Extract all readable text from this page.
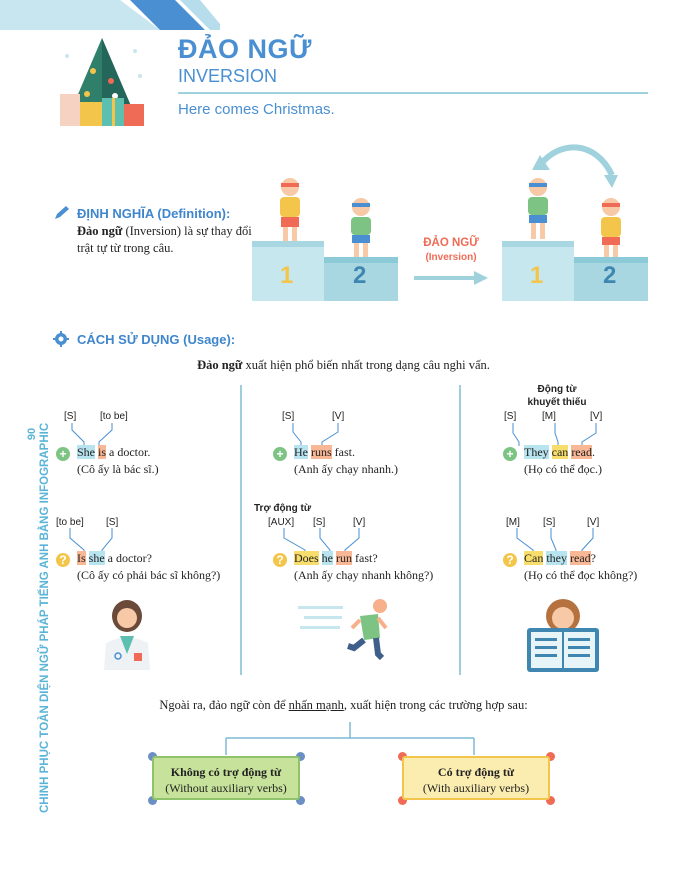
ĐẢO NGỮ
INVERSION
Here comes Christmas.
ĐỊNH NGHĨA (Definition):
Đảo ngữ (Inversion) là sự thay đổi trật tự từ trong câu.
1 2
ĐẢO NGỮ
(Inversion)
1 2
CÁCH SỬ DỤNG (Usage):
Đảo ngữ xuất hiện phổ biến nhất trong dạng câu nghi vấn.
[S] [to be]
+ She is a doctor.
(Cô ấy là bác sĩ.)
[to be] [S]
? Is she a doctor?
(Cô ấy có phải bác sĩ không?)
[S]	[V]
+ He runs fast.
(Anh ấy chạy nhanh.)
Trợ động từ
[AUX] [S]	[V]
? Does he run fast?
(Anh ấy chạy nhanh không?)
Động từ khuyết thiếu
[S]	[M]	[V]
+ They can read.
(Họ có thể đọc.)
[M] [S]	[V]
? Can they read?
(Họ có thể đọc không?)
Ngoài ra, đảo ngữ còn để nhấn mạnh, xuất hiện trong các trường hợp sau:
Không có trợ động từ
(Without auxiliary verbs)
Có trợ động từ
(With auxiliary verbs)
90 CHINH PHỤC TOÀN DIỆN NGỮ PHÁP TIẾNG ANH BẰNG INFOGRAPHIC
